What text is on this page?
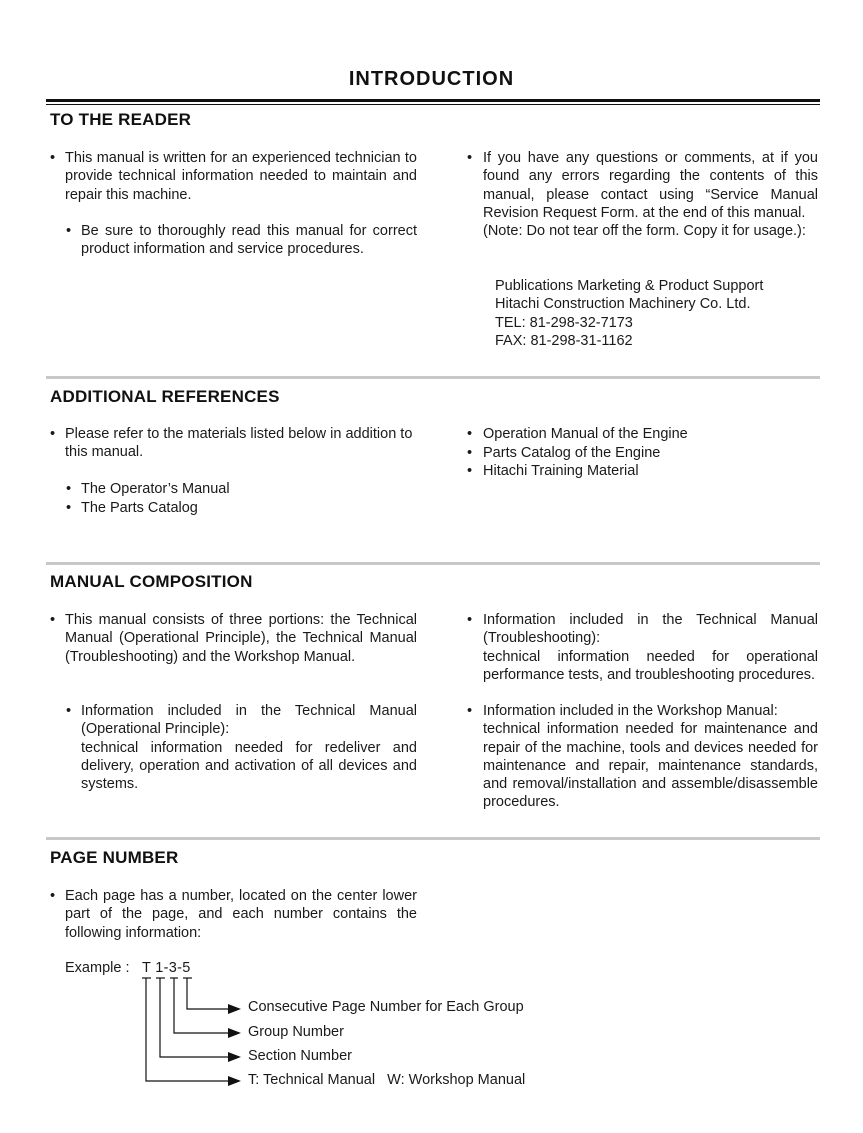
INTRODUCTION
TO THE READER
• This manual is written for an experienced technician to provide technical information needed to maintain and repair this machine.
• Be sure to thoroughly read this manual for correct product information and service procedures.
• If you have any questions or comments, at if you found any errors regarding the contents of this manual, please contact using “Service Manual Revision Request Form. at the end of this manual.
(Note: Do not tear off the form. Copy it for usage.):
Publications Marketing & Product Support
Hitachi Construction Machinery Co. Ltd.
TEL: 81-298-32-7173
FAX: 81-298-31-1162
ADDITIONAL REFERENCES
• Please refer to the materials listed below in addition to this manual.
• The Operator’s Manual
• The Parts Catalog
• Operation Manual of the Engine
• Parts Catalog of the Engine
• Hitachi Training Material
MANUAL COMPOSITION
• This manual consists of three portions: the Technical Manual (Operational Principle), the Technical Manual (Troubleshooting) and the Workshop Manual.
• Information included in the Technical Manual (Operational Principle):
technical information needed for redeliver and delivery, operation and activation of all devices and systems.
• Information included in the Technical Manual (Troubleshooting):
technical information needed for operational performance tests, and troubleshooting procedures.
• Information included in the Workshop Manual:
technical information needed for maintenance and repair of the machine, tools and devices needed for maintenance and repair, maintenance standards, and removal/installation and assemble/disassemble procedures.
PAGE NUMBER
• Each page has a number, located on the center lower part of the page, and each number contains the following information:
Example : T 1-3-5
Consecutive Page Number for Each Group
Group Number
Section Number
T: Technical Manual   W: Workshop Manual
